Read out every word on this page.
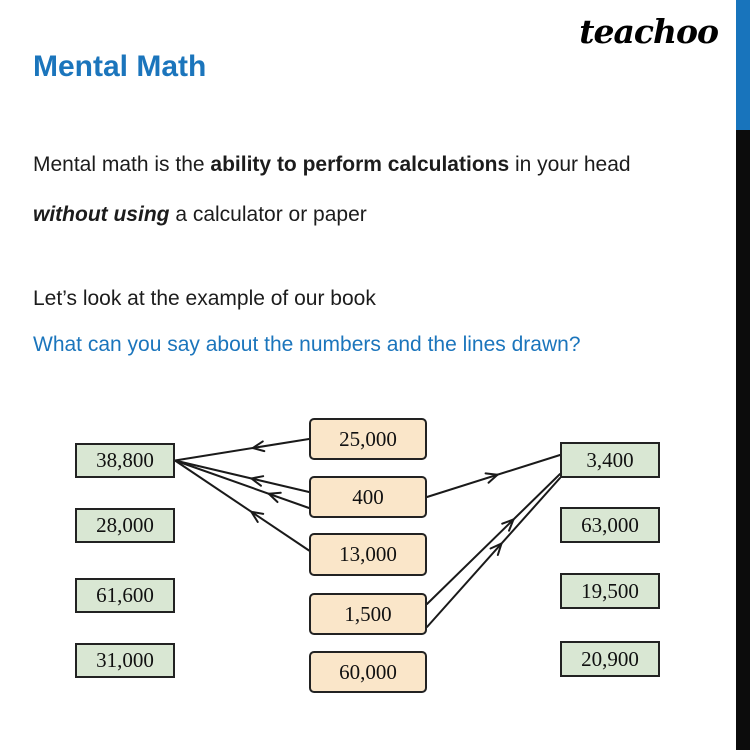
teachoo
Mental Math

Mental math is the ability to perform calculations in your head

without using a calculator or paper

Let’s look at the example of our book

What can you say about the numbers and the lines drawn?

38,800
28,000
61,600
31,000
25,000
400
13,000
1,500
60,000
3,400
63,000
19,500
20,900
